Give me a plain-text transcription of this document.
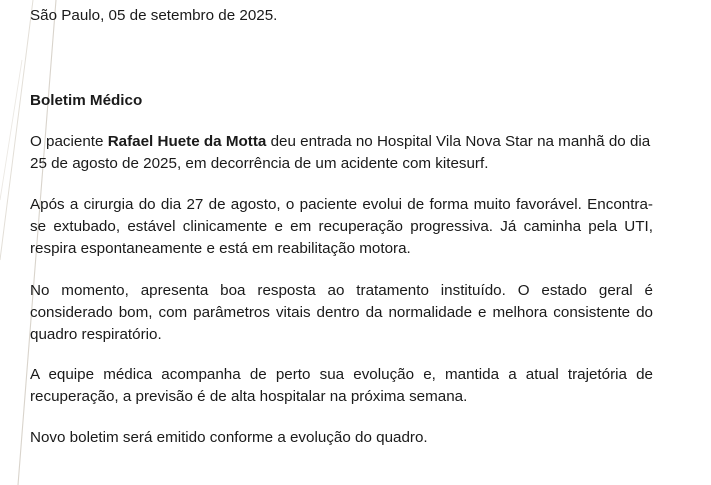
São Paulo, 05 de setembro de 2025.

Boletim Médico

O paciente Rafael Huete da Motta deu entrada no Hospital Vila Nova Star na manhã do dia 25 de agosto de 2025, em decorrência de um acidente com kitesurf.

Após a cirurgia do dia 27 de agosto, o paciente evolui de forma muito favorável. Encontra-se extubado, estável clinicamente e em recuperação progressiva. Já caminha pela UTI, respira espontaneamente e está em reabilitação motora.

No momento, apresenta boa resposta ao tratamento instituído. O estado geral é considerado bom, com parâmetros vitais dentro da normalidade e melhora consistente do quadro respiratório.

A equipe médica acompanha de perto sua evolução e, mantida a atual trajetória de recuperação, a previsão é de alta hospitalar na próxima semana.

Novo boletim será emitido conforme a evolução do quadro.
